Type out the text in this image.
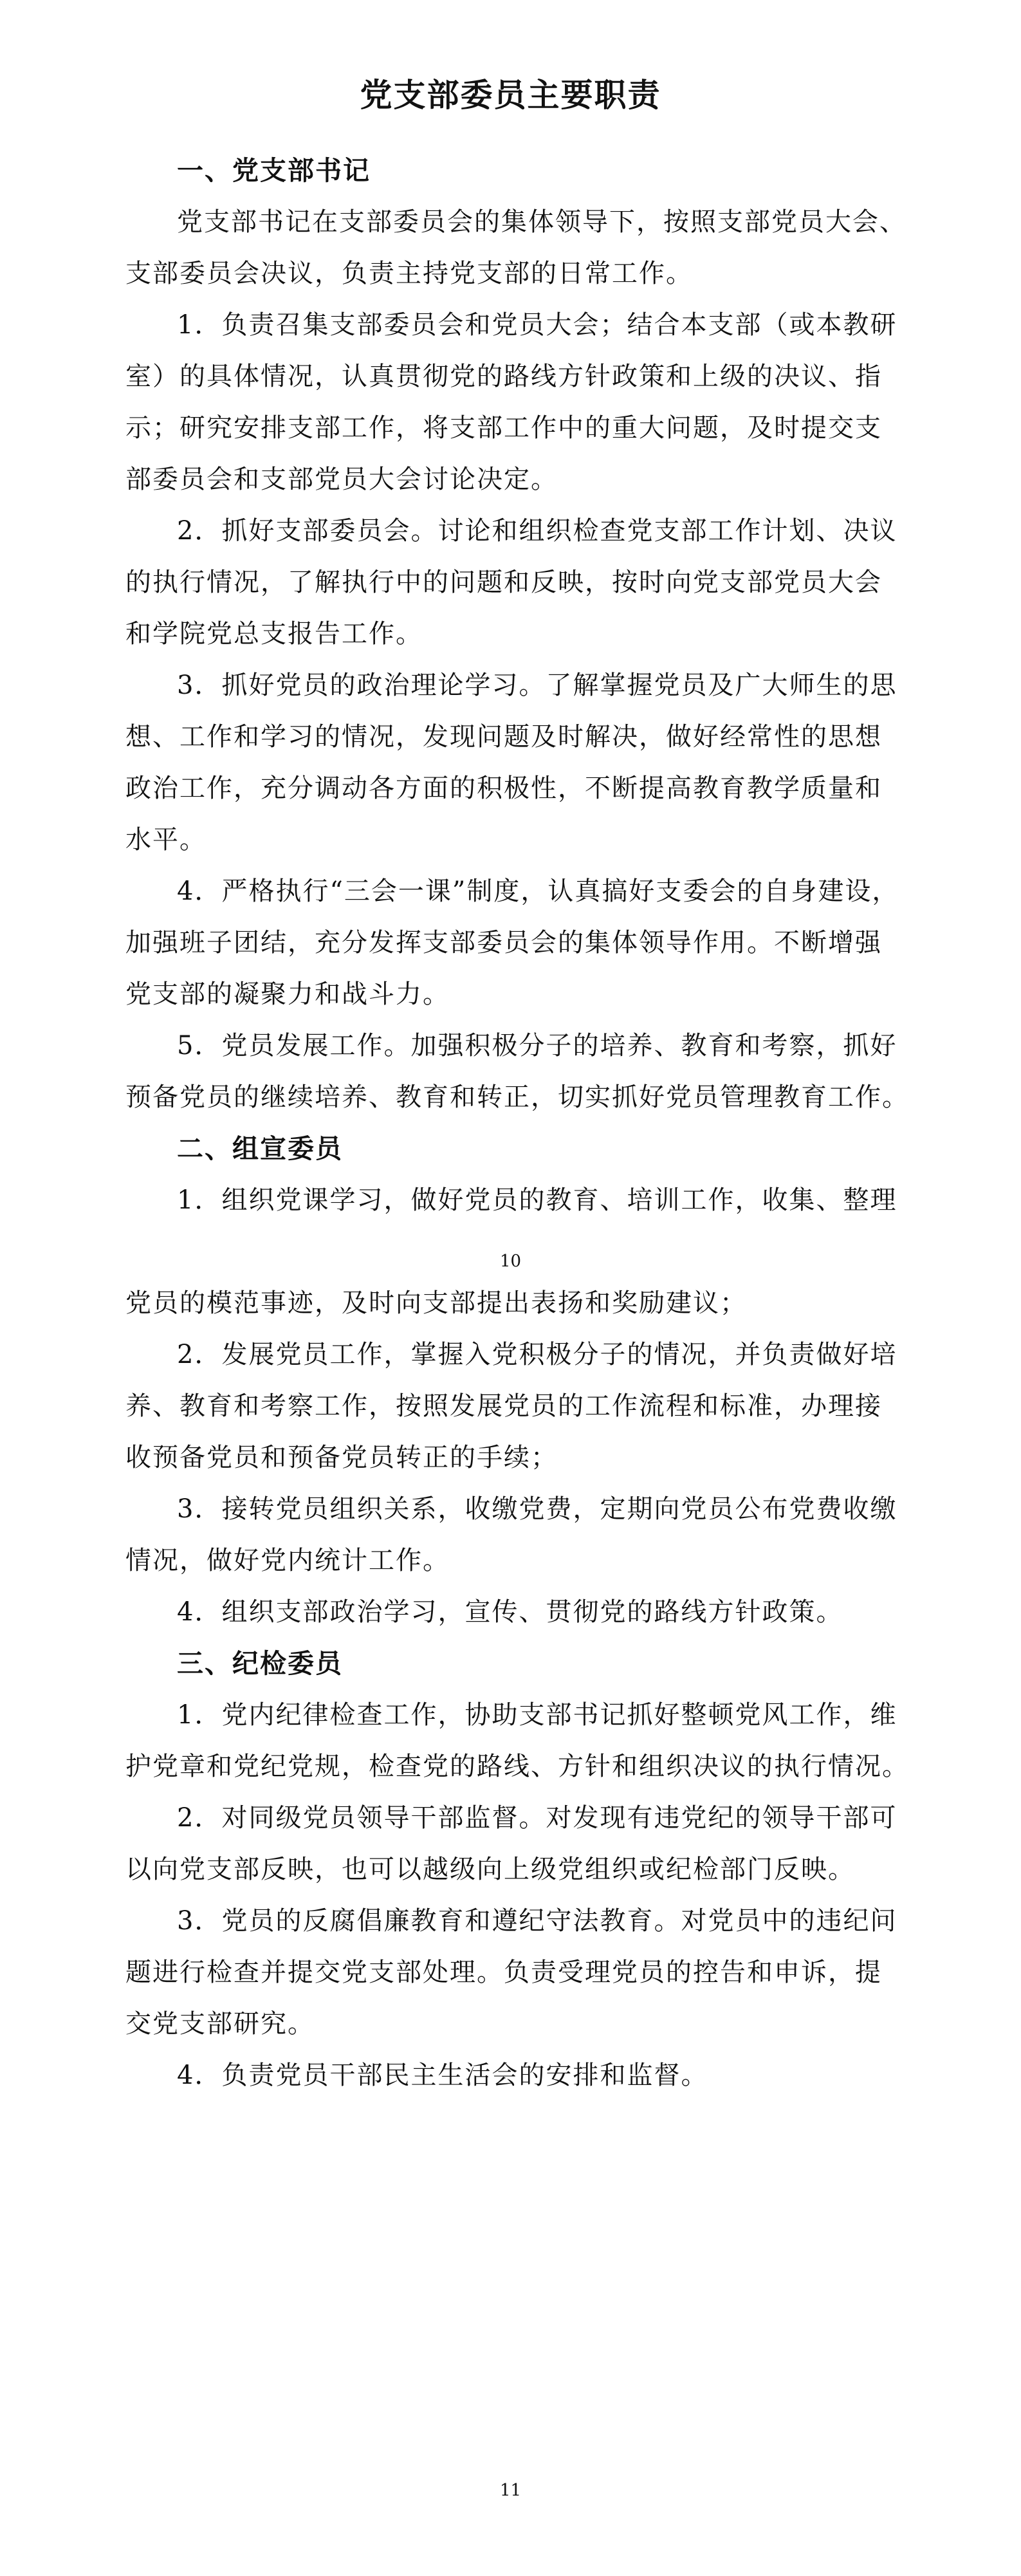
党支部委员主要职责
一、党支部书记
党支部书记在支部委员会的集体领导下，按照支部党员大会、
支部委员会决议，负责主持党支部的日常工作。
1．负责召集支部委员会和党员大会；结合本支部（或本教研
室）的具体情况，认真贯彻党的路线方针政策和上级的决议、指
示；研究安排支部工作，将支部工作中的重大问题，及时提交支
部委员会和支部党员大会讨论决定。
2．抓好支部委员会。讨论和组织检查党支部工作计划、决议
的执行情况，了解执行中的问题和反映，按时向党支部党员大会
和学院党总支报告工作。
3．抓好党员的政治理论学习。了解掌握党员及广大师生的思
想、工作和学习的情况，发现问题及时解决，做好经常性的思想
政治工作，充分调动各方面的积极性，不断提高教育教学质量和
水平。
4．严格执行“三会一课”制度，认真搞好支委会的自身建设，
加强班子团结，充分发挥支部委员会的集体领导作用。不断增强
党支部的凝聚力和战斗力。
5．党员发展工作。加强积极分子的培养、教育和考察，抓好
预备党员的继续培养、教育和转正，切实抓好党员管理教育工作。
二、组宣委员
1．组织党课学习，做好党员的教育、培训工作，收集、整理
10
党员的模范事迹，及时向支部提出表扬和奖励建议；
2．发展党员工作，掌握入党积极分子的情况，并负责做好培
养、教育和考察工作，按照发展党员的工作流程和标准，办理接
收预备党员和预备党员转正的手续；
3．接转党员组织关系，收缴党费，定期向党员公布党费收缴
情况，做好党内统计工作。
4．组织支部政治学习，宣传、贯彻党的路线方针政策。
三、纪检委员
1．党内纪律检查工作，协助支部书记抓好整顿党风工作，维
护党章和党纪党规，检查党的路线、方针和组织决议的执行情况。
2．对同级党员领导干部监督。对发现有违党纪的领导干部可
以向党支部反映，也可以越级向上级党组织或纪检部门反映。
3．党员的反腐倡廉教育和遵纪守法教育。对党员中的违纪问
题进行检查并提交党支部处理。负责受理党员的控告和申诉，提
交党支部研究。
4．负责党员干部民主生活会的安排和监督。
11
